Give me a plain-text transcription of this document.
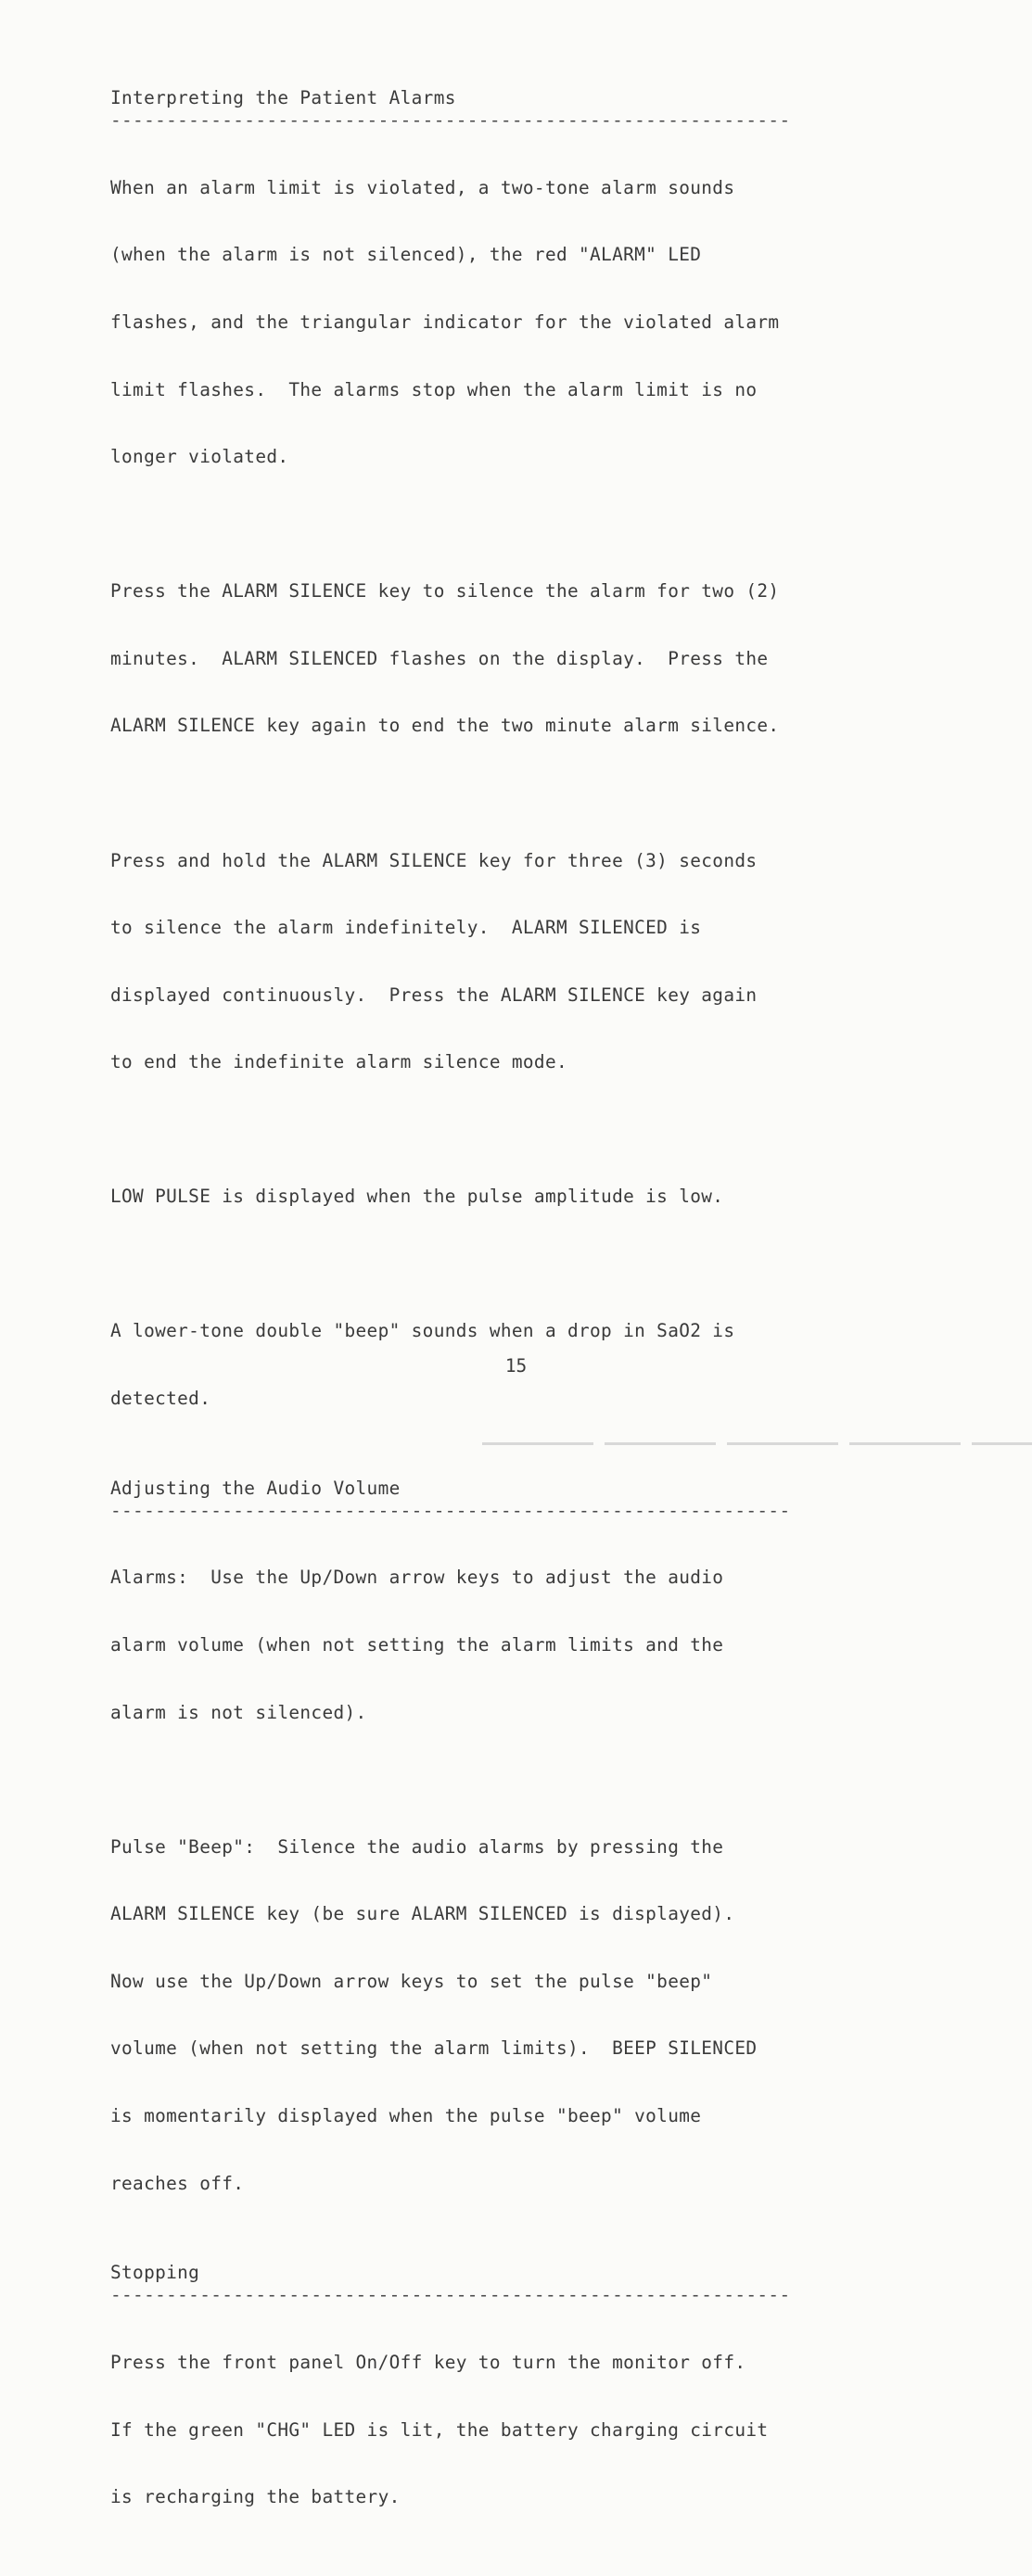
Interpreting the Patient Alarms
-------------------------------------------------------------

When an alarm limit is violated, a two-tone alarm sounds

(when the alarm is not silenced), the red "ALARM" LED

flashes, and the triangular indicator for the violated alarm

limit flashes.  The alarms stop when the alarm limit is no

longer violated.

Press the ALARM SILENCE key to silence the alarm for two (2)

minutes.  ALARM SILENCED flashes on the display.  Press the

ALARM SILENCE key again to end the two minute alarm silence.

Press and hold the ALARM SILENCE key for three (3) seconds

to silence the alarm indefinitely.  ALARM SILENCED is

displayed continuously.  Press the ALARM SILENCE key again

to end the indefinite alarm silence mode.

LOW PULSE is displayed when the pulse amplitude is low.

A lower-tone double "beep" sounds when a drop in SaO2 is

detected.

Adjusting the Audio Volume
-------------------------------------------------------------

Alarms:  Use the Up/Down arrow keys to adjust the audio

alarm volume (when not setting the alarm limits and the

alarm is not silenced).

Pulse "Beep":  Silence the audio alarms by pressing the

ALARM SILENCE key (be sure ALARM SILENCED is displayed).

Now use the Up/Down arrow keys to set the pulse "beep"

volume (when not setting the alarm limits).  BEEP SILENCED

is momentarily displayed when the pulse "beep" volume

reaches off.

Stopping
-------------------------------------------------------------

Press the front panel On/Off key to turn the monitor off.

If the green "CHG" LED is lit, the battery charging circuit

is recharging the battery.

15
